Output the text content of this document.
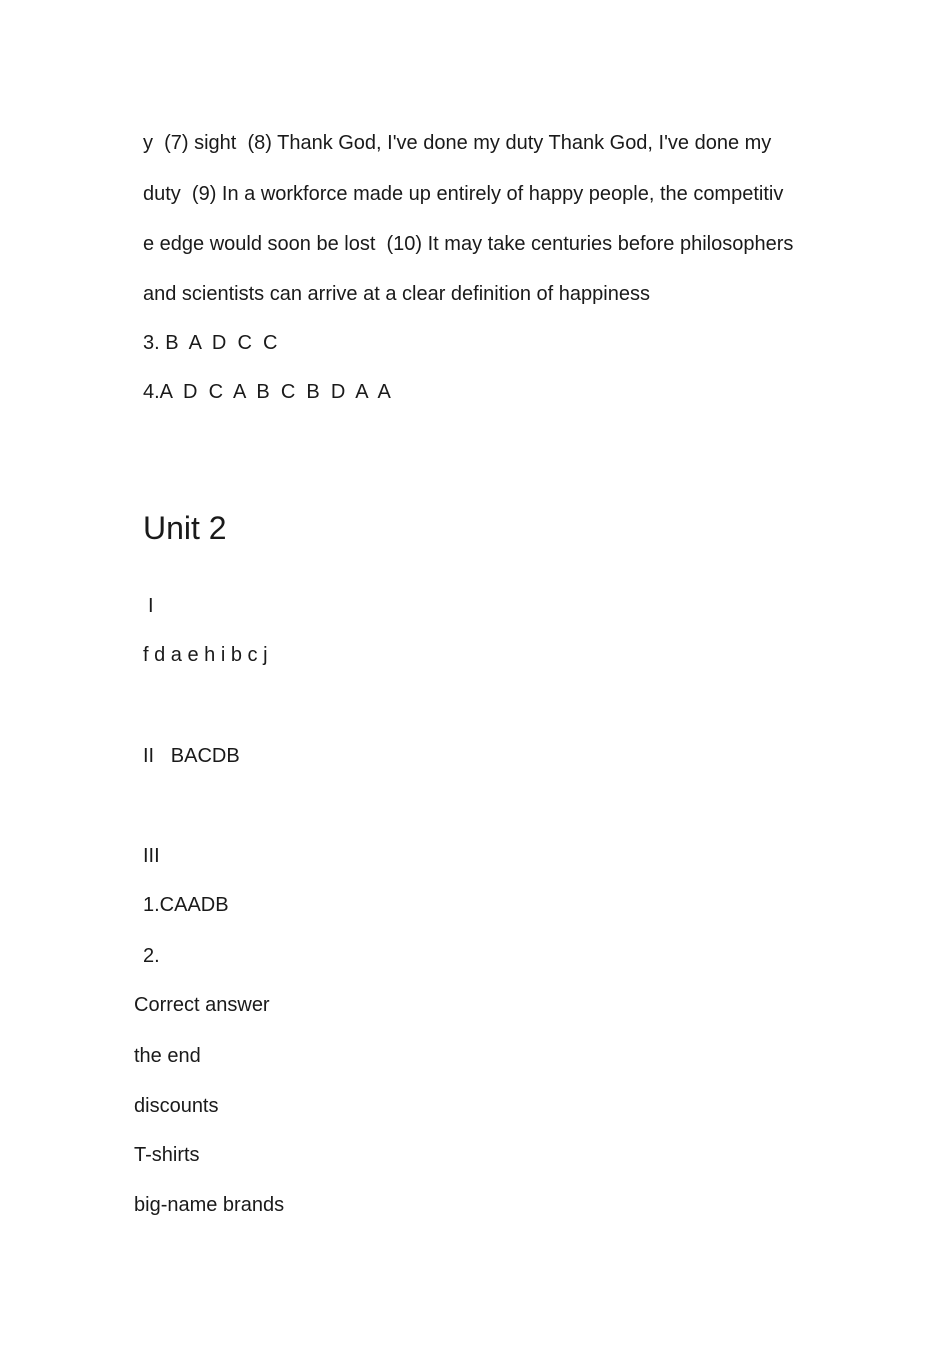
y  (7) sight  (8) Thank God, I've done my duty Thank God, I've done my

duty  (9) In a workforce made up entirely of happy people, the competitiv

e edge would soon be lost  (10) It may take centuries before philosophers

and scientists can arrive at a clear definition of happiness

3. B  A  D  C  C

4.A  D  C  A  B  C  B  D  A  A

Unit 2

I

f d a e h i b c j

II   BACDB

III

1.CAADB

2.

Correct answer

the end

discounts

T-shirts

big-name brands
